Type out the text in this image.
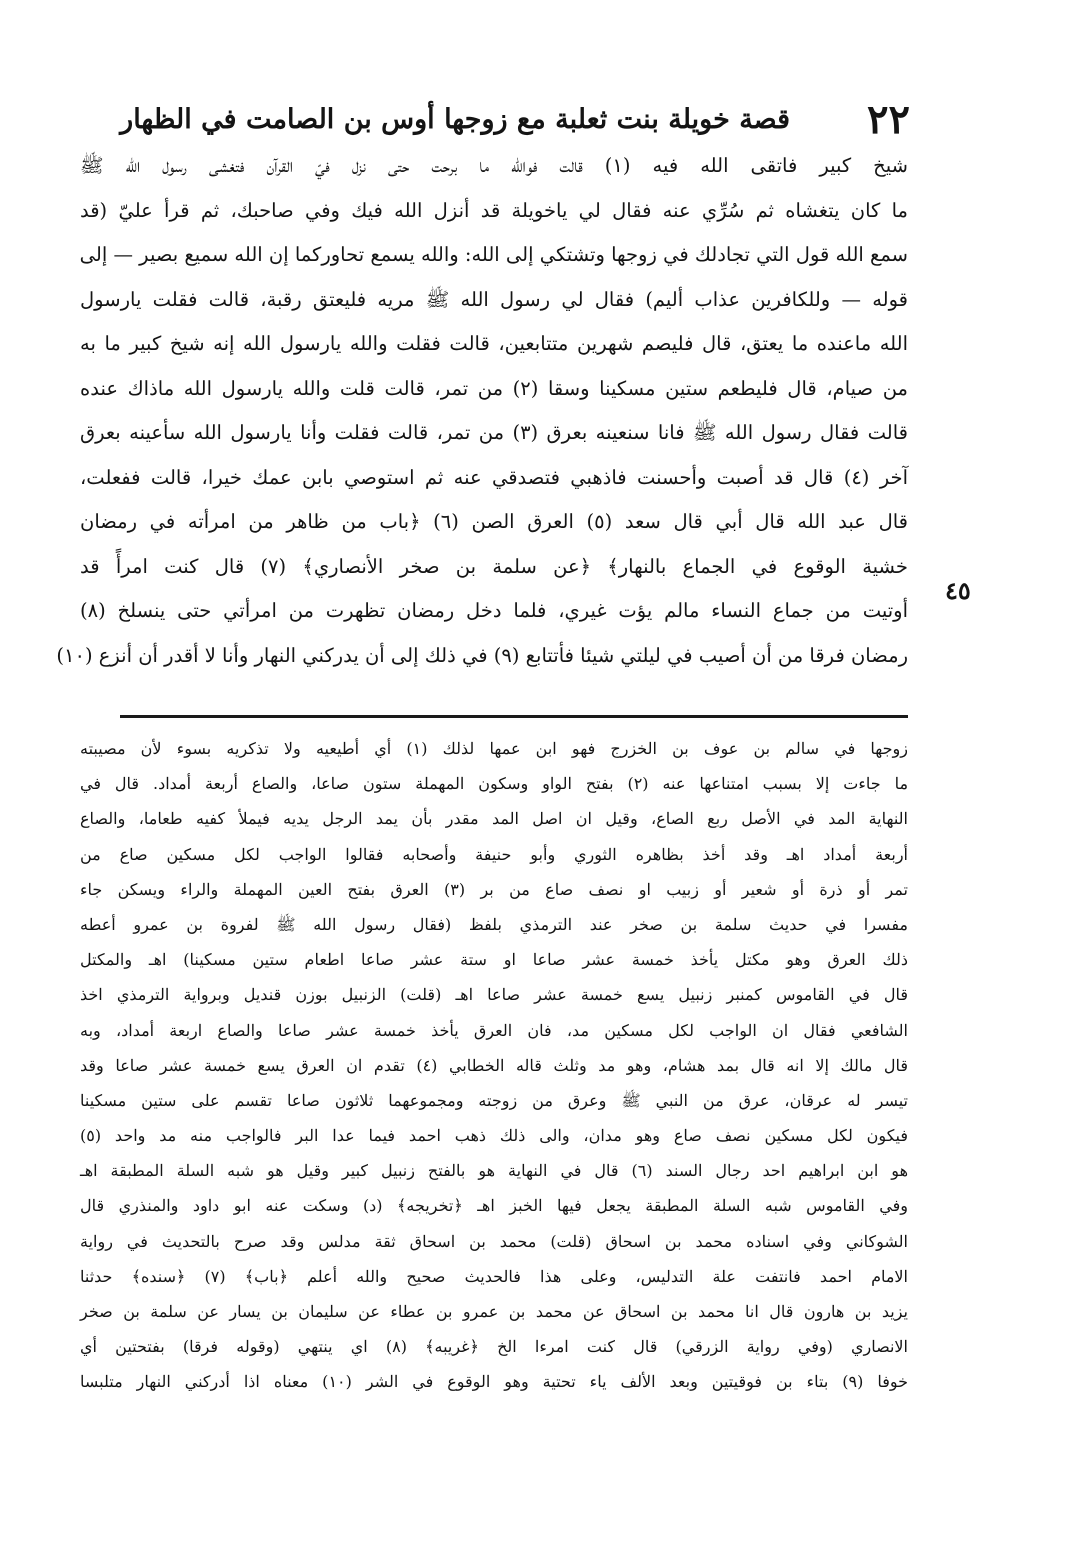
٢٢
قصة خويلة بنت ثعلبة مع زوجها أوس بن الصامت في الظهار
شيخ كبير فاتقى الله فيه (١) قالت فوالله ما برحت حتى نزل فيّ القرآن فتغشى رسول الله ﷺ
ما كان يتغشاه ثم سُرِّي عنه فقال لي ياخويلة قد أنزل الله فيك وفي صاحبك، ثم قرأ عليّ (قد
سمع الله قول التي تجادلك في زوجها وتشتكي إلى الله: والله يسمع تحاوركما إن الله سميع بصير — إلى
قوله — وللكافرين عذاب أليم) فقال لي رسول الله ﷺ مريه فليعتق رقبة، قالت فقلت يارسول
الله ماعنده ما يعتق، قال فليصم شهرين متتابعين، قالت فقلت والله يارسول الله إنه شيخ كبير ما به
من صيام، قال فليطعم ستين مسكينا وسقا (٢) من تمر، قالت قلت والله يارسول الله ماذاك عنده
قالت فقال رسول الله ﷺ فانا سنعينه بعرق (٣) من تمر، قالت فقلت وأنا يارسول الله سأعينه بعرق
آخر (٤) قال قد أصبت وأحسنت فاذهبي فتصدقي عنه ثم استوصي بابن عمك خيرا، قالت ففعلت،
قال عبد الله قال أبي قال سعد (٥) العرق الصن (٦) ﴿باب من ظاهر من امرأته في رمضان
خشية الوقوع في الجماع بالنهار﴾ ﴿عن سلمة بن صخر الأنصاري﴾ (٧) قال كنت امرأً قد
أوتيت من جماع النساء مالم يؤت غيري، فلما دخل رمضان تظهرت من امرأتي حتى ينسلخ (٨)
رمضان فرقا من أن أصيب في ليلتي شيئا فأتتابع (٩) في ذلك إلى أن يدركني النهار وأنا لا أقدر أن أنزع (١٠)
٤٥
زوجها في سالم بن عوف بن الخزرج فهو ابن عمها لذلك (١) أي أطيعيه ولا تذكريه بسوء لأن مصيبته
ما جاءت إلا بسبب امتناعها عنه (٢) بفتح الواو وسكون المهملة ستون صاعا، والصاع أربعة أمداد. قال في
النهاية المد في الأصل ربع الصاع، وقيل ان اصل المد مقدر بأن يمد الرجل يديه فيملأ كفيه طعاما، والصاع
أربعة أمداد اهـ وقد أخذ بظاهره الثوري وأبو حنيفة وأصحابه فقالوا الواجب لكل مسكين صاع من
تمر أو ذرة أو شعير أو زبيب او نصف صاع من بر (٣) العرق بفتح العين المهملة والراء ويسكن جاء
مفسرا في حديث سلمة بن صخر عند الترمذي بلفظ (فقال رسول الله ﷺ لفروة بن عمرو أعطه
ذلك العرق وهو مكتل يأخذ خمسة عشر صاعا او ستة عشر صاعا اطعام ستين مسكينا) اهـ والمكتل
قال في القاموس كمنبر زنبيل يسع خمسة عشر صاعا اهـ (قلت) الزنبيل بوزن قنديل وبرواية الترمذي اخذ
الشافعي فقال ان الواجب لكل مسكين مد، فان العرق يأخذ خمسة عشر صاعا والصاع اربعة أمداد، وبه
قال مالك إلا انه قال بمد هشام، وهو مد وثلث قاله الخطابي (٤) تقدم ان العرق يسع خمسة عشر صاعا وقد
تيسر له عرقان، عرق من النبي ﷺ وعرق من زوجته ومجموعهما ثلاثون صاعا تقسم على ستين مسكينا
فيكون لكل مسكين نصف صاع وهو مدان، والى ذلك ذهب احمد فيما عدا البر فالواجب منه مد واحد (٥)
هو ابن ابراهيم احد رجال السند (٦) قال في النهاية هو بالفتح زنبيل كبير وقيل هو شبه السلة المطبقة اهـ
وفي القاموس شبه السلة المطبقة يجعل فيها الخبز اهـ ﴿تخريجه﴾ (د) وسكت عنه ابو داود والمنذري قال
الشوكاني وفي اسناده محمد بن اسحاق (قلت) محمد بن اسحاق ثقة مدلس وقد صرح بالتحديث في رواية
الامام احمد فانتفت علة التدليس، وعلى هذا فالحديث صحيح والله أعلم ﴿باب﴾ (٧) ﴿سنده﴾ حدثنا
يزيد بن هارون قال انا محمد بن اسحاق عن محمد بن عمرو بن عطاء عن سليمان بن يسار عن سلمة بن صخر
الانصاري (وفي رواية الزرقي) قال كنت امرءا الخ ﴿غريبه﴾ (٨) اي ينتهي (وقوله فرقا) بفتحتين أي
خوفا (٩) بتاء بن فوقيتين وبعد الألف ياء تحتية وهو الوقوع في الشر (١٠) معناه اذا أدركني النهار متلبسا
